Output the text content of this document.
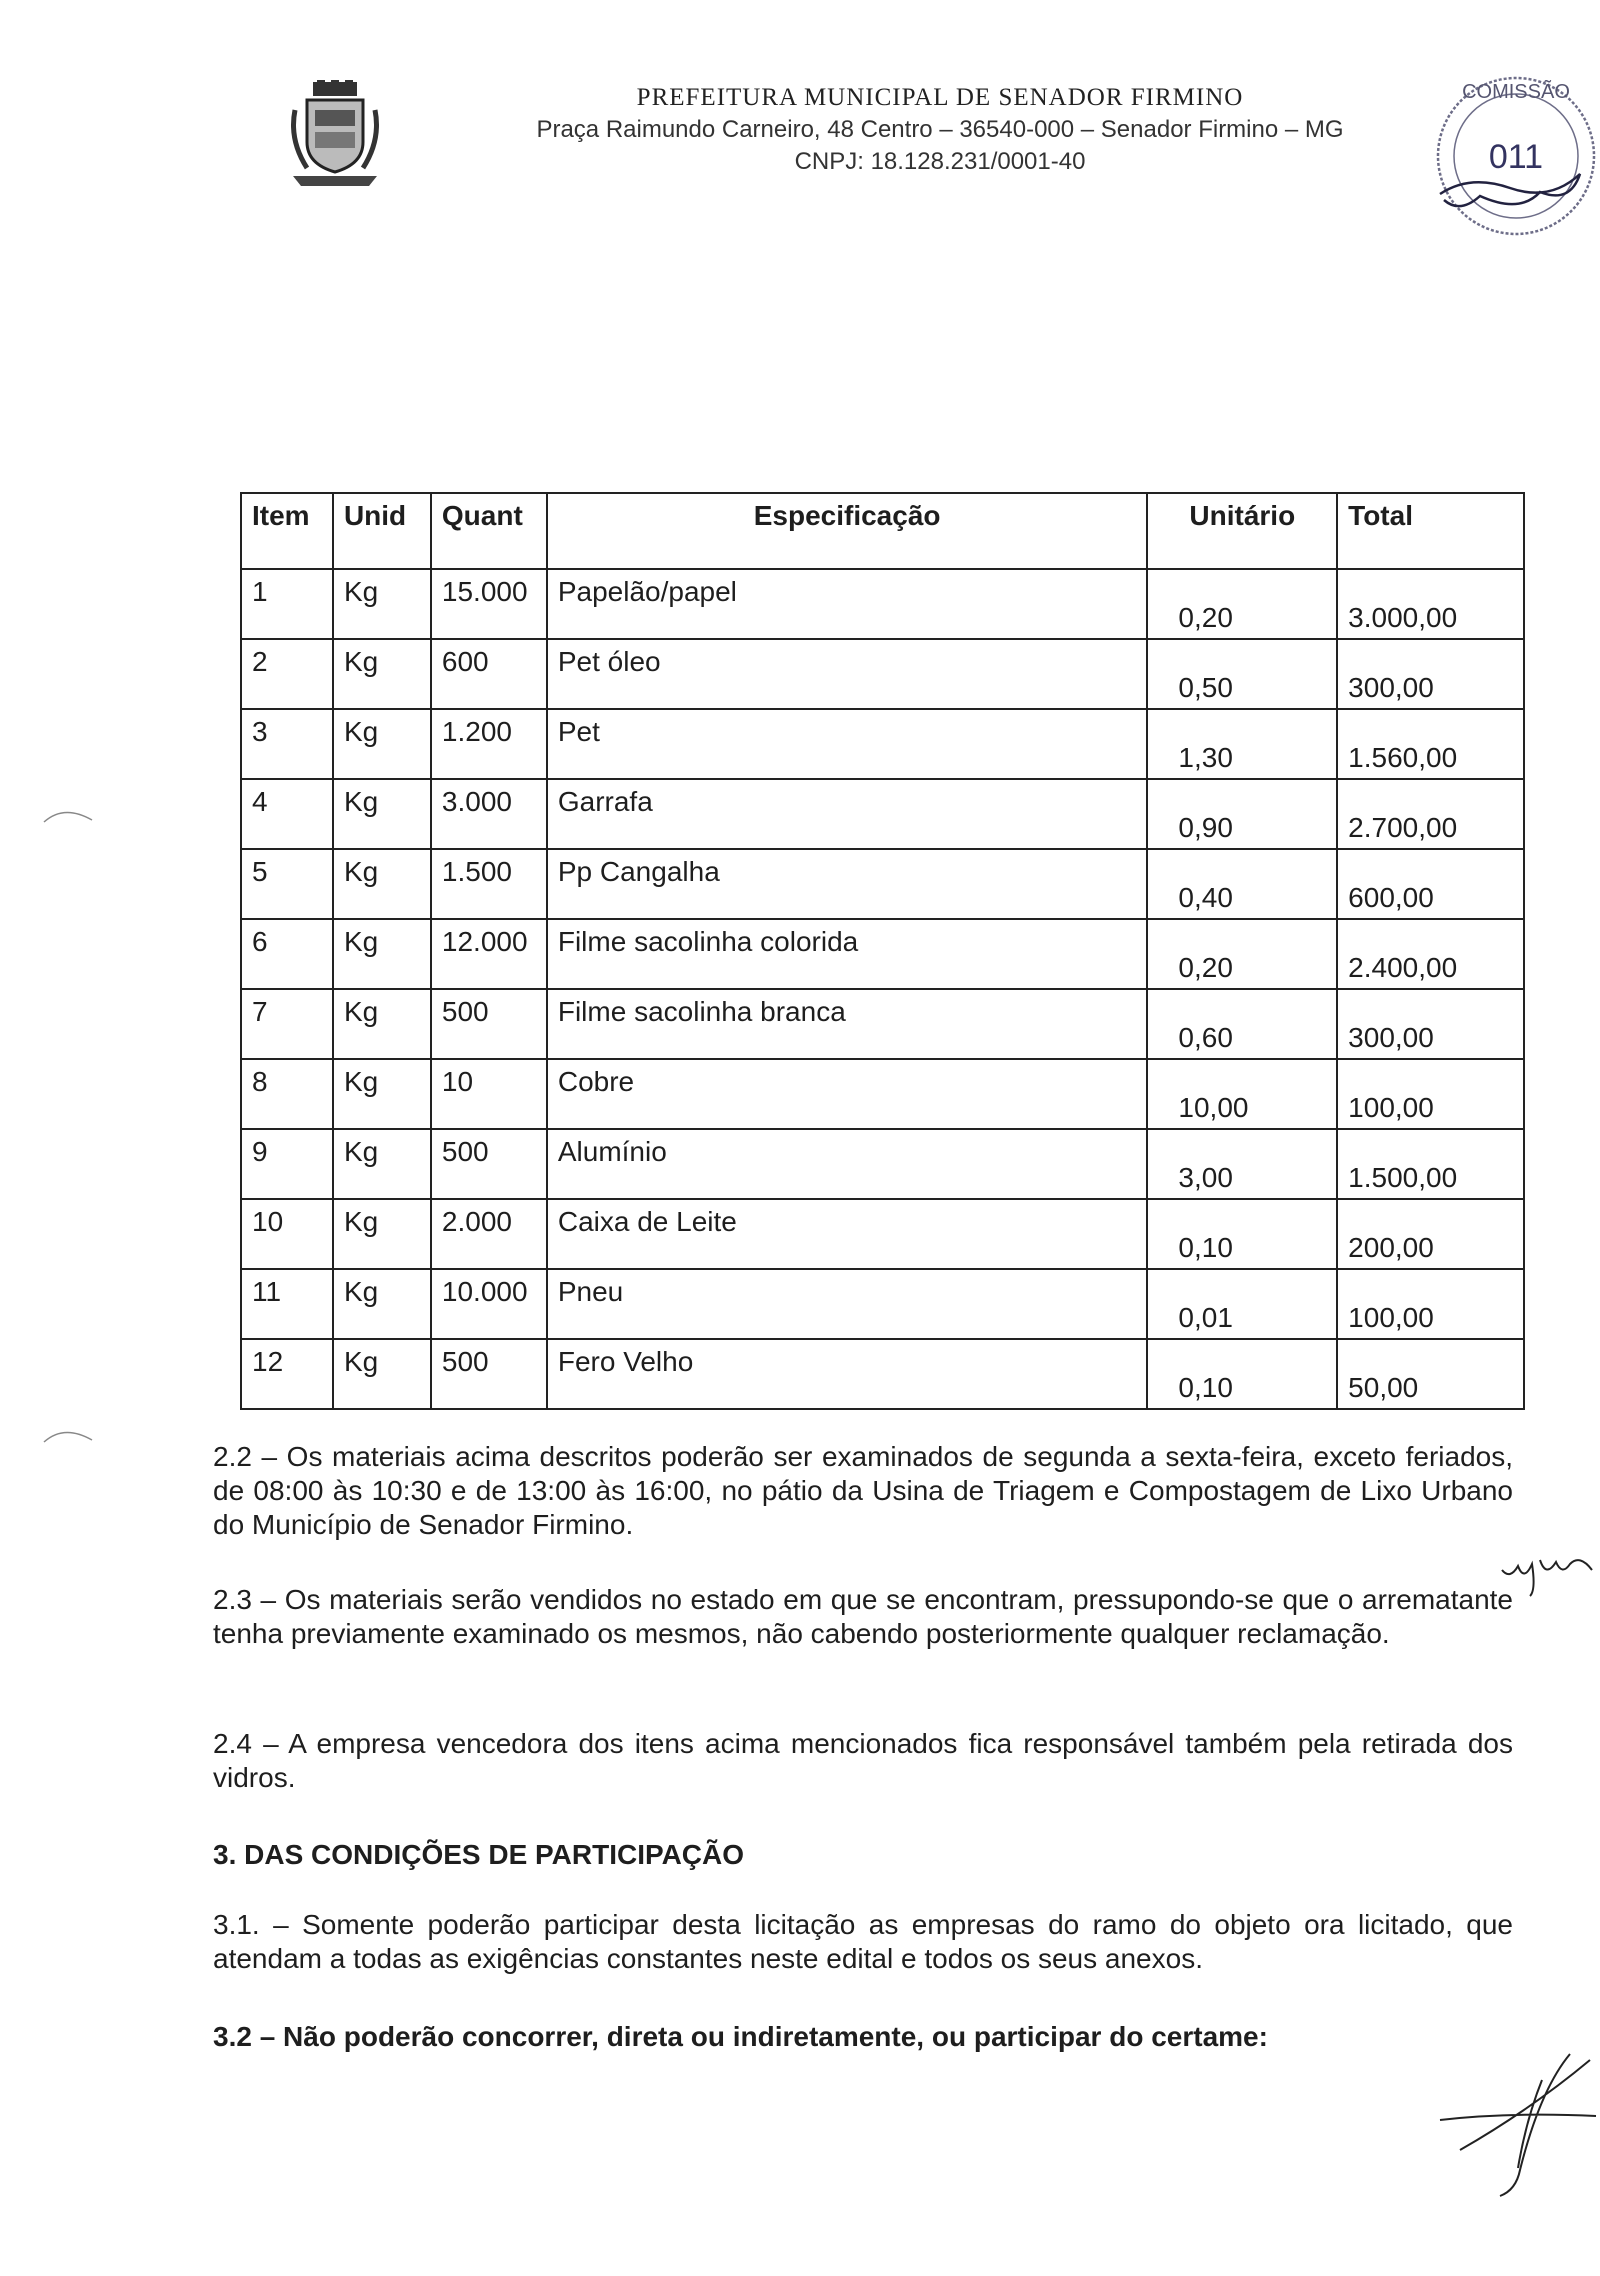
PREFEITURA MUNICIPAL DE SENADOR FIRMINO
Praça Raimundo Carneiro, 48 Centro – 36540-000 – Senador Firmino – MG
CNPJ: 18.128.231/0001-40
COMISSÃO
011
Item	Unid	Quant	Especificação	Unitário	Total
1	Kg	15.000	Papelão/papel	0,20	3.000,00
2	Kg	600	Pet óleo	0,50	300,00
3	Kg	1.200	Pet	1,30	1.560,00
4	Kg	3.000	Garrafa	0,90	2.700,00
5	Kg	1.500	Pp Cangalha	0,40	600,00
6	Kg	12.000	Filme sacolinha colorida	0,20	2.400,00
7	Kg	500	Filme sacolinha branca	0,60	300,00
8	Kg	10	Cobre	10,00	100,00
9	Kg	500	Alumínio	3,00	1.500,00
10	Kg	2.000	Caixa de Leite	0,10	200,00
11	Kg	10.000	Pneu	0,01	100,00
12	Kg	500	Fero Velho	0,10	50,00
2.2 – Os materiais acima descritos poderão ser examinados de segunda a sexta-feira, exceto feriados, de 08:00 às 10:30 e de 13:00 às 16:00, no pátio da Usina de Triagem e Compostagem de Lixo Urbano do Município de Senador Firmino.
2.3 – Os materiais serão vendidos no estado em que se encontram, pressupondo-se que o arrematante tenha previamente examinado os mesmos, não cabendo posteriormente qualquer reclamação.
2.4 – A empresa vencedora dos itens acima mencionados fica responsável também pela retirada dos vidros.
3. DAS CONDIÇÕES DE PARTICIPAÇÃO
3.1. – Somente poderão participar desta licitação as empresas do ramo do objeto ora licitado, que atendam a todas as exigências constantes neste edital e todos os seus anexos.
3.2 – Não poderão concorrer, direta ou indiretamente, ou participar do certame:
